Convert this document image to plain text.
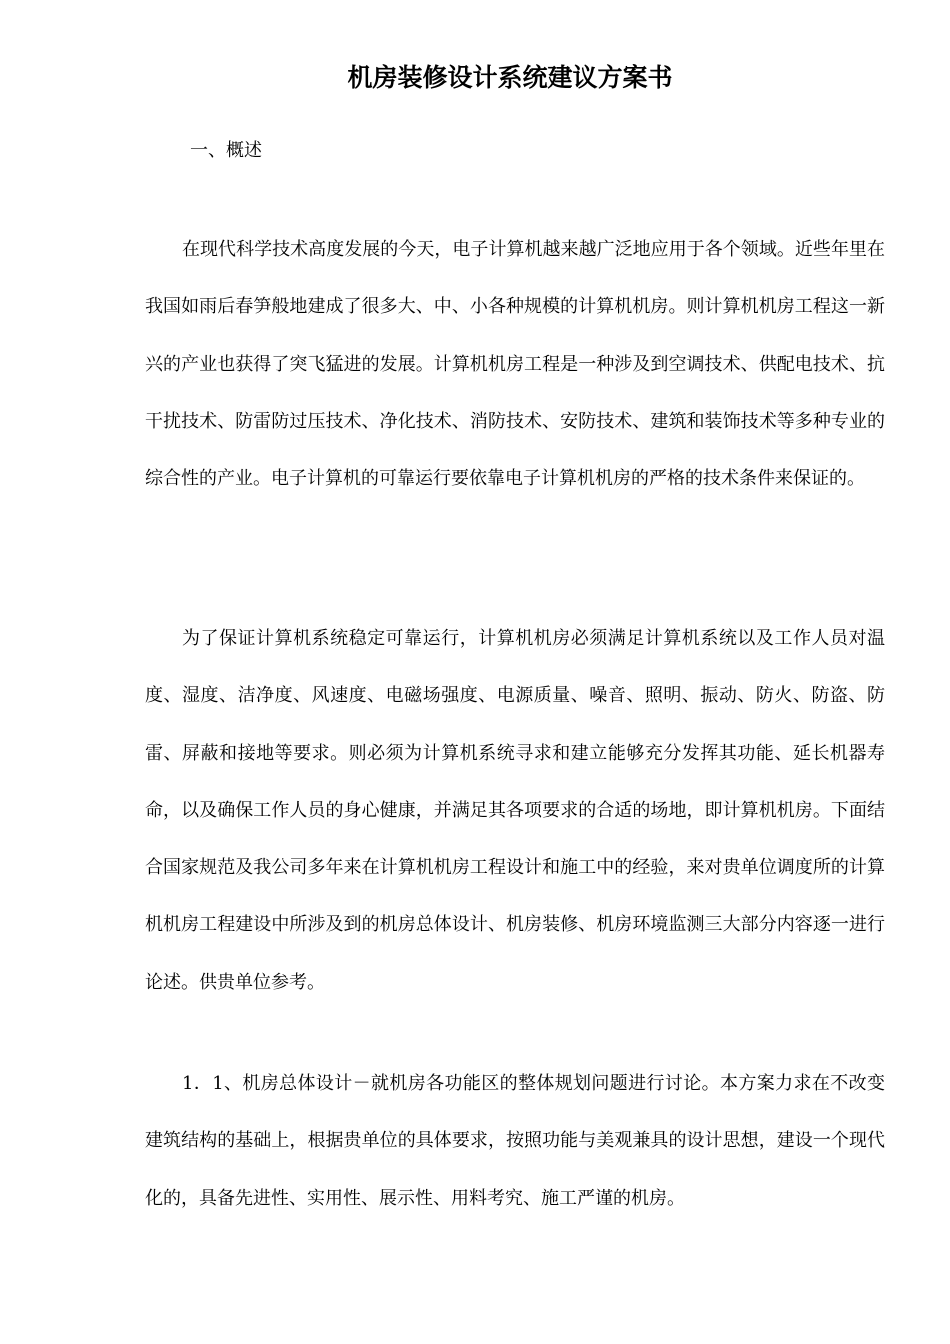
机房装修设计系统建议方案书
一、概述

在现代科学技术高度发展的今天，电子计算机越来越广泛地应用于各个领域。近些年里在我国如雨后春笋般地建成了很多大、中、小各种规模的计算机机房。则计算机机房工程这一新兴的产业也获得了突飞猛进的发展。计算机机房工程是一种涉及到空调技术、供配电技术、抗干扰技术、防雷防过压技术、净化技术、消防技术、安防技术、建筑和装饰技术等多种专业的综合性的产业。电子计算机的可靠运行要依靠电子计算机机房的严格的技术条件来保证的。

为了保证计算机系统稳定可靠运行，计算机机房必须满足计算机系统以及工作人员对温度、湿度、洁净度、风速度、电磁场强度、电源质量、噪音、照明、振动、防火、防盗、防雷、屏蔽和接地等要求。则必须为计算机系统寻求和建立能够充分发挥其功能、延长机器寿命，以及确保工作人员的身心健康，并满足其各项要求的合适的场地，即计算机机房。下面结合国家规范及我公司多年来在计算机机房工程设计和施工中的经验，来对贵单位调度所的计算机机房工程建设中所涉及到的机房总体设计、机房装修、机房环境监测三大部分内容逐一进行论述。供贵单位参考。

1．1、机房总体设计－就机房各功能区的整体规划问题进行讨论。本方案力求在不改变建筑结构的基础上，根据贵单位的具体要求，按照功能与美观兼具的设计思想，建设一个现代化的，具备先进性、实用性、展示性、用料考究、施工严谨的机房。
